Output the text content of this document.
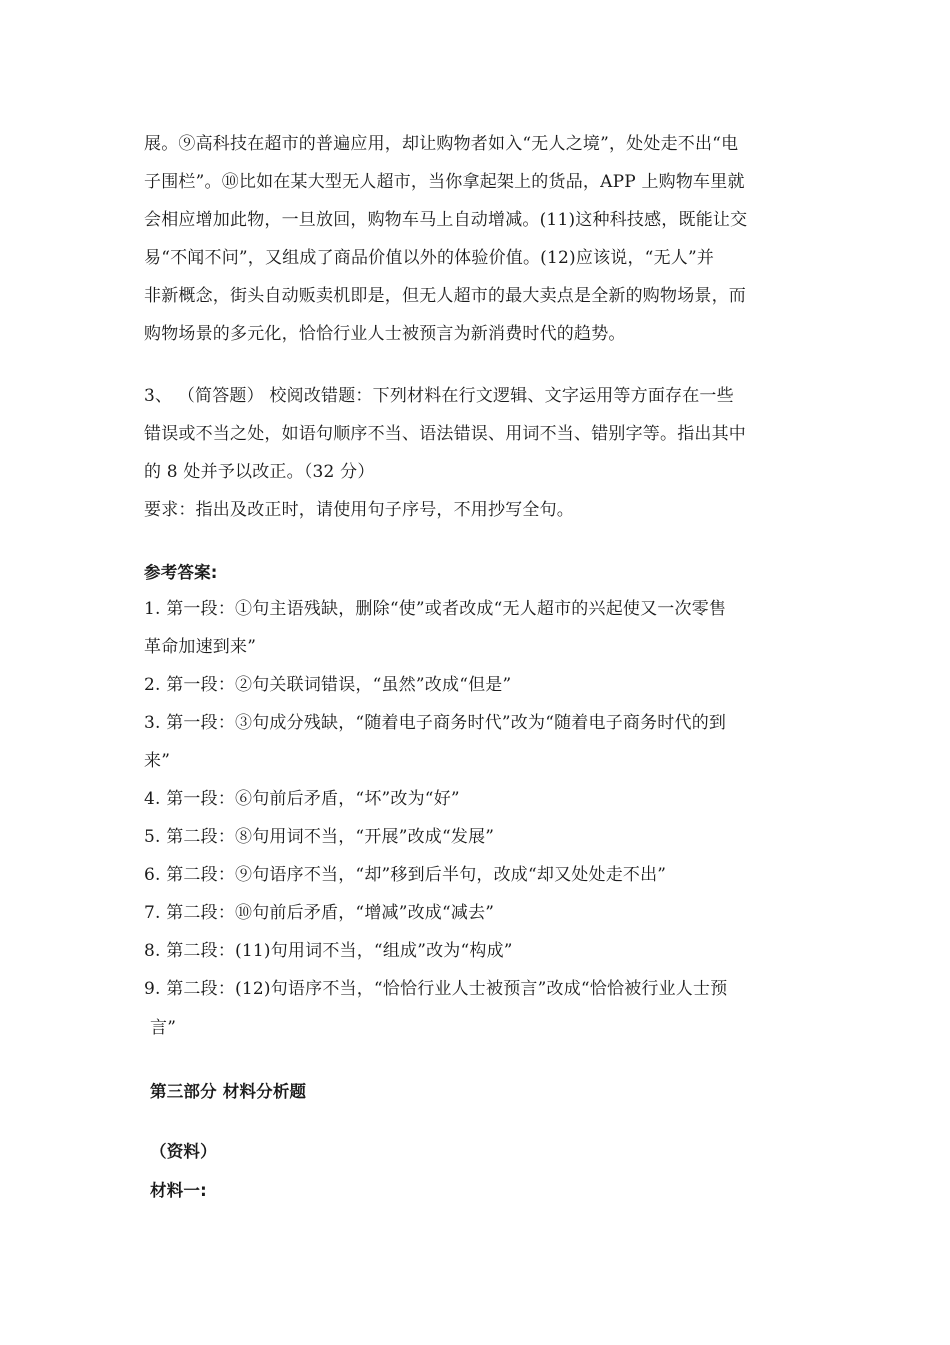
展。⑨高科技在超市的普遍应用，却让购物者如入“无人之境”，处处走不出“电
子围栏”。⑩比如在某大型无人超市，当你拿起架上的货品，APP 上购物车里就
会相应增加此物，一旦放回，购物车马上自动增减。(11)这种科技感，既能让交
易“不闻不问”，又组成了商品价值以外的体验价值。(12)应该说，“无人”并
非新概念，街头自动贩卖机即是，但无人超市的最大卖点是全新的购物场景，而
购物场景的多元化，恰恰行业人士被预言为新消费时代的趋势。
3、 （简答题） 校阅改错题：下列材料在行文逻辑、文字运用等方面存在一些
错误或不当之处，如语句顺序不当、语法错误、用词不当、错别字等。指出其中
的 8 处并予以改正。（32 分）
要求：指出及改正时，请使用句子序号，不用抄写全句。
参考答案:
1. 第一段：①句主语残缺，删除“使”或者改成“无人超市的兴起使又一次零售
革命加速到来”
2. 第一段：②句关联词错误，“虽然”改成“但是”
3. 第一段：③句成分残缺，“随着电子商务时代”改为“随着电子商务时代的到
来”
4. 第一段：⑥句前后矛盾，“坏”改为“好”
5. 第二段：⑧句用词不当，“开展”改成“发展”
6. 第二段：⑨句语序不当，“却”移到后半句，改成“却又处处走不出”
7. 第二段：⑩句前后矛盾，“增减”改成“减去”
8. 第二段：(11)句用词不当，“组成”改为“构成”
9. 第二段：(12)句语序不当，“恰恰行业人士被预言”改成“恰恰被行业人士预
言”
第三部分 材料分析题
（资料）
材料一:
